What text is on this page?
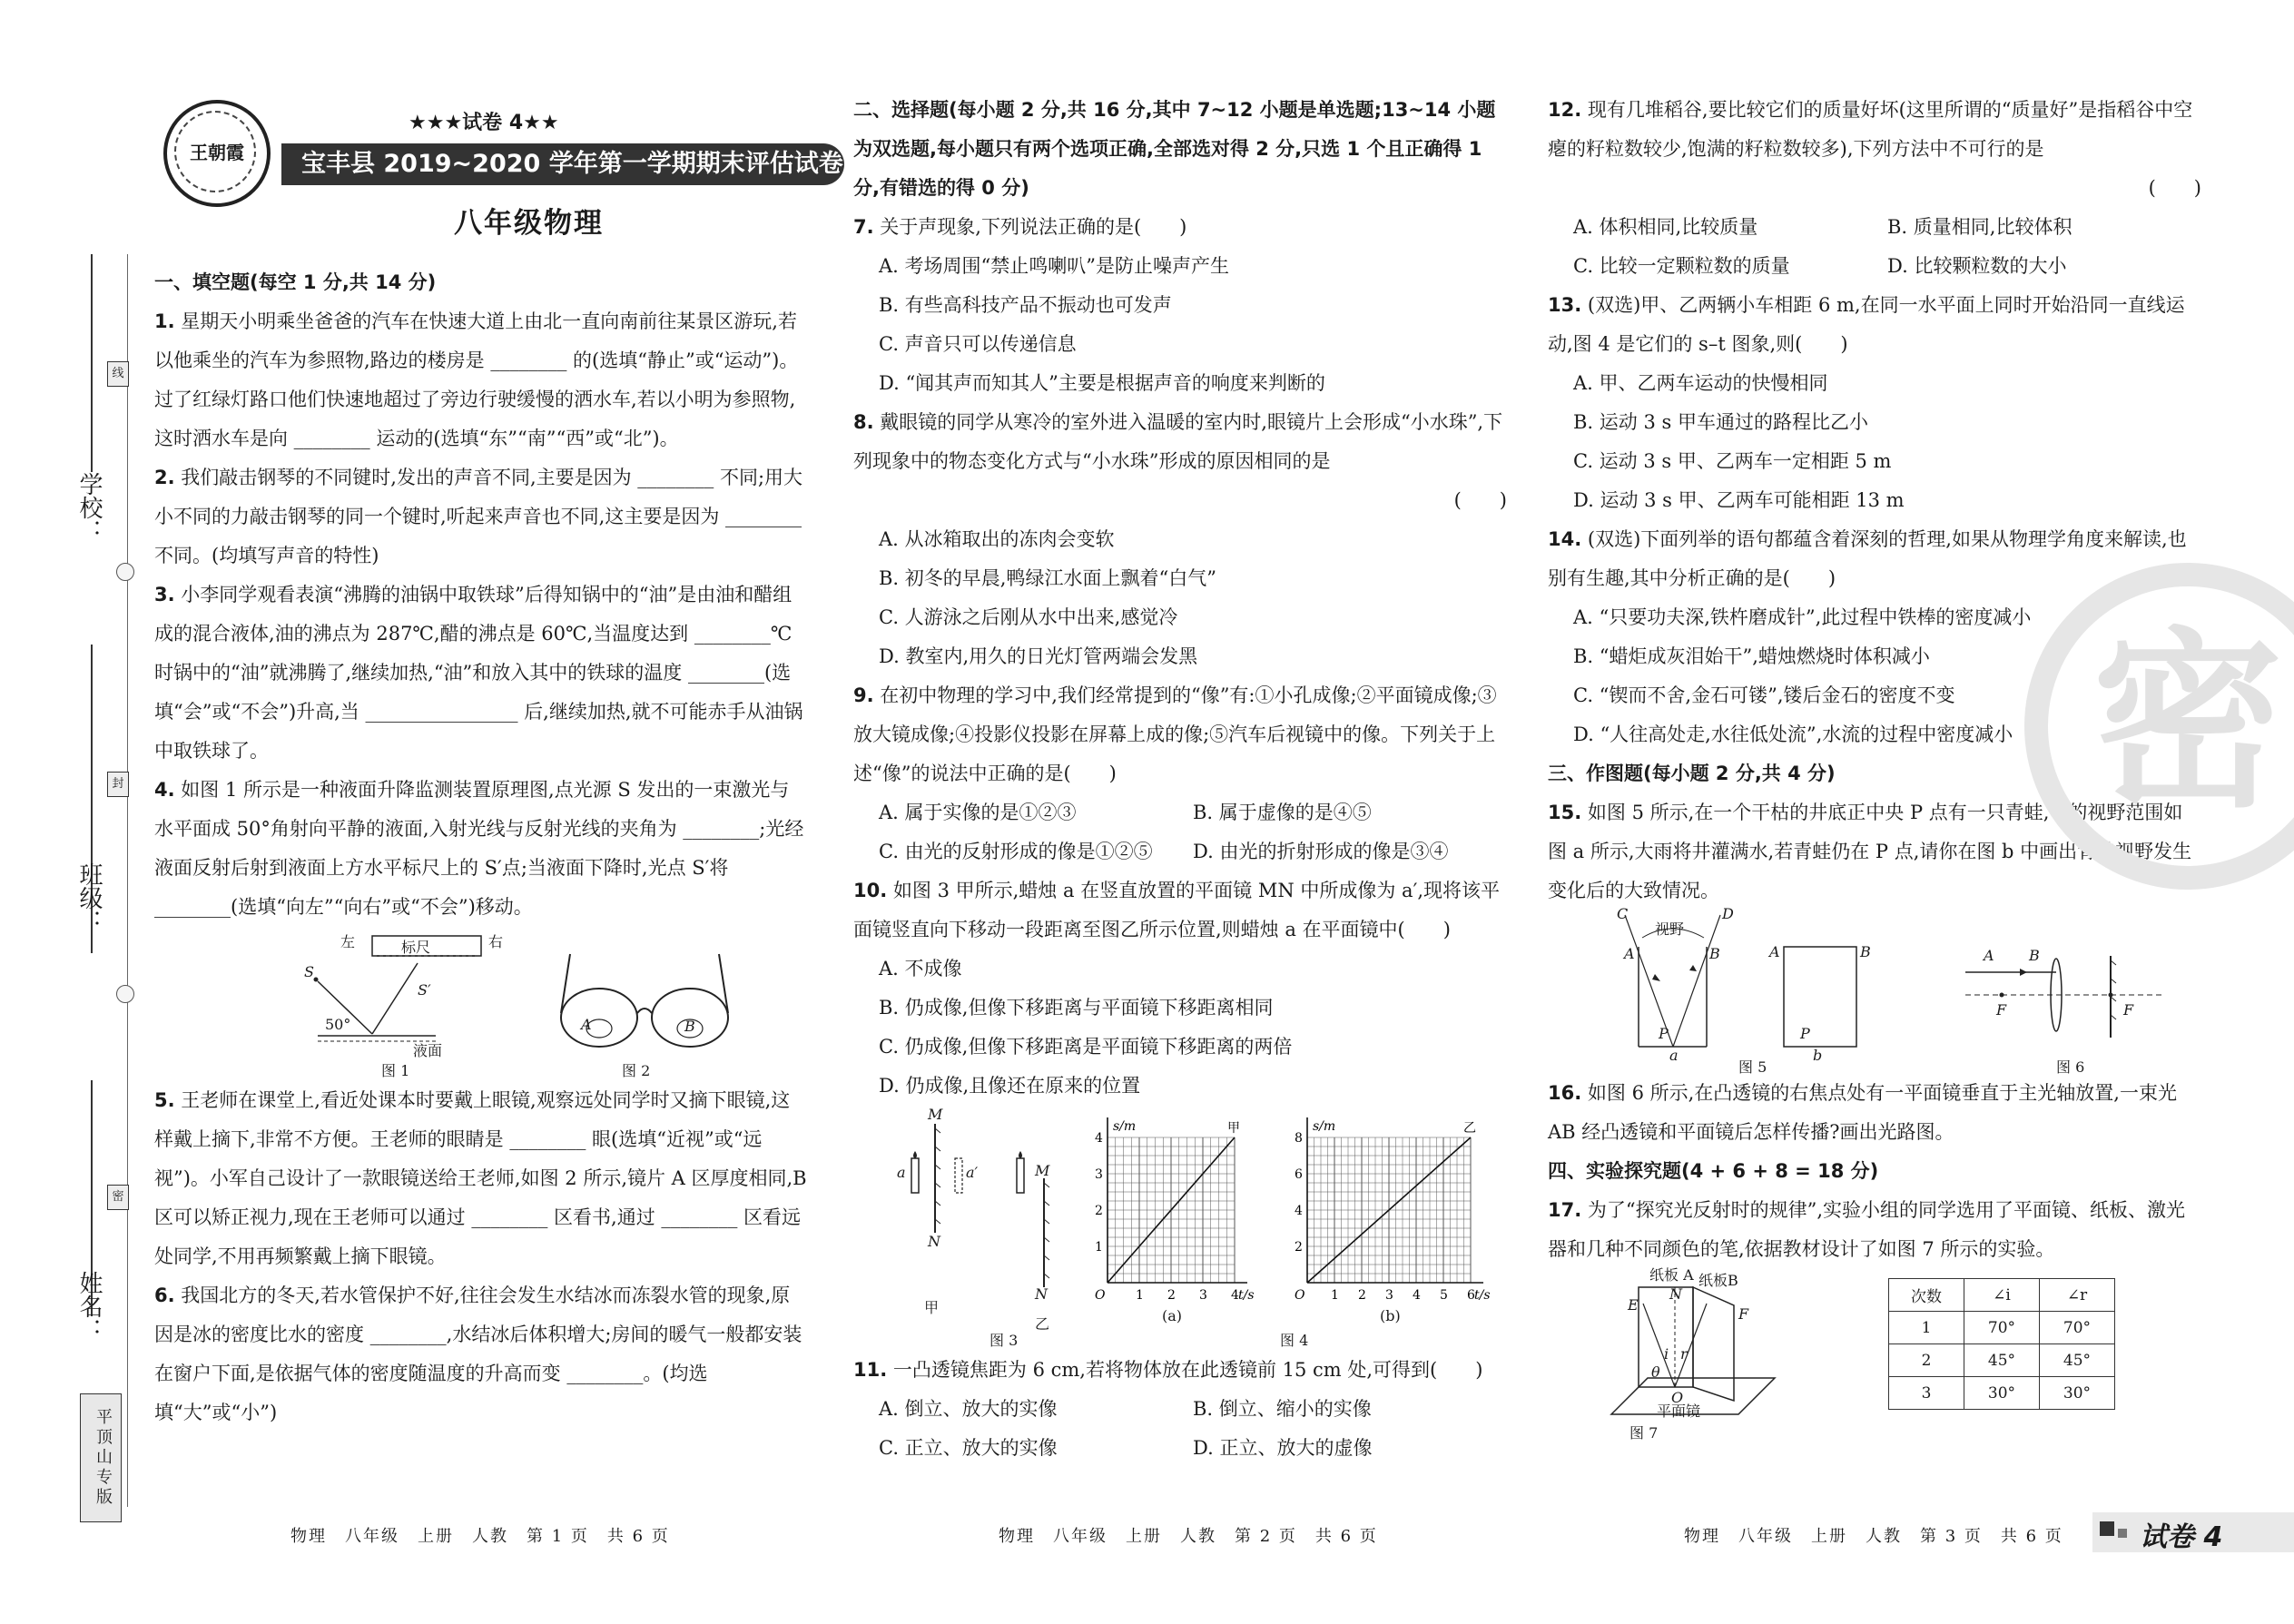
学校：
班级：
姓名：
线
封
密
平顶山专版
王朝霞
★★★试卷 4★★
宝丰县 2019~2020 学年第一学期期末评估试卷
八年级物理

一、填空题(每空 1 分,共 14 分)

1. 星期天小明乘坐爸爸的汽车在快速大道上由北一直向南前往某景区游玩,若以他乘坐的汽车为参照物,路边的楼房是 ________ 的(选填“静止”或“运动”)。过了红绿灯路口他们快速地超过了旁边行驶缓慢的洒水车,若以小明为参照物,这时洒水车是向 ________ 运动的(选填“东”“南”“西”或“北”)。

2. 我们敲击钢琴的不同键时,发出的声音不同,主要是因为 ________ 不同;用大小不同的力敲击钢琴的同一个键时,听起来声音也不同,这主要是因为 ________ 不同。(均填写声音的特性)

3. 小李同学观看表演“沸腾的油锅中取铁球”后得知锅中的“油”是由油和醋组成的混合液体,油的沸点为 287℃,醋的沸点是 60℃,当温度达到 ________℃时锅中的“油”就沸腾了,继续加热,“油”和放入其中的铁球的温度 ________(选填“会”或“不会”)升高,当 ________________ 后,继续加热,就不可能赤手从油锅中取铁球了。

4. 如图 1 所示是一种液面升降监测装置原理图,点光源 S 发出的一束激光与水平面成 50°角射向平静的液面,入射光线与反射光线的夹角为 ________;光经液面反射后射到液面上方水平标尺上的 S′点;当液面下降时,光点 S′将 ________(选填“向左”“向右”或“不会”)移动。

左	标尺	右
S
S′
50°
液面
图 1
A	B
图 2

5. 王老师在课堂上,看近处课本时要戴上眼镜,观察远处同学时又摘下眼镜,这样戴上摘下,非常不方便。王老师的眼睛是 ________ 眼(选填“近视”或“远视”)。小军自己设计了一款眼镜送给王老师,如图 2 所示,镜片 A 区厚度相同,B 区可以矫正视力,现在王老师可以通过 ________ 区看书,通过 ________ 区看远处同学,不用再频繁戴上摘下眼镜。

6. 我国北方的冬天,若水管保护不好,往往会发生水结冰而冻裂水管的现象,原因是冰的密度比水的密度 ________,水结冰后体积增大;房间的暖气一般都安装在窗户下面,是依据气体的密度随温度的升高而变 ________。(均选填“大”或“小”)

物理　八年级　上册　人教　第 1 页　共 6 页

二、选择题(每小题 2 分,共 16 分,其中 7~12 小题是单选题;13~14 小题为双选题,每小题只有两个选项正确,全部选对得 2 分,只选 1 个且正确得 1 分,有错选的得 0 分)

7. 关于声现象,下列说法正确的是(　　)

A. 考场周围“禁止鸣喇叭”是防止噪声产生

B. 有些高科技产品不振动也可发声

C. 声音只可以传递信息

D. “闻其声而知其人”主要是根据声音的响度来判断的

8. 戴眼镜的同学从寒冷的室外进入温暖的室内时,眼镜片上会形成“小水珠”,下列现象中的物态变化方式与“小水珠”形成的原因相同的是

(　　)

A. 从冰箱取出的冻肉会变软

B. 初冬的早晨,鸭绿江水面上飘着“白气”

C. 人游泳之后刚从水中出来,感觉冷

D. 教室内,用久的日光灯管两端会发黑

9. 在初中物理的学习中,我们经常提到的“像”有:①小孔成像;②平面镜成像;③放大镜成像;④投影仪投影在屏幕上成的像;⑤汽车后视镜中的像。下列关于上述“像”的说法中正确的是(　　)

A. 属于实像的是①②③	B. 属于虚像的是④⑤
C. 由光的反射形成的像是①②⑤	D. 由光的折射形成的像是③④

10. 如图 3 甲所示,蜡烛 a 在竖直放置的平面镜 MN 中所成像为 a′,现将该平面镜竖直向下移动一段距离至图乙所示位置,则蜡烛 a 在平面镜中(　　)

A. 不成像

B. 仍成像,但像下移距离与平面镜下移距离相同

C. 仍成像,但像下移距离是平面镜下移距离的两倍

D. 仍成像,且像还在原来的位置

M
N
a	a′	M
N
甲
乙
图 3
1 2 3 4
1
2
3
4
O
s/m
t/s
甲
1 2 3 4 5 6
2
4
6
8
O
s/m
t/s
乙
(a)	(b)
图 4

11. 一凸透镜焦距为 6 cm,若将物体放在此透镜前 15 cm 处,可得到(　　)

A. 倒立、放大的实像	B. 倒立、缩小的实像
C. 正立、放大的实像	D. 正立、放大的虚像
物理　八年级　上册　人教　第 2 页　共 6 页

12. 现有几堆稻谷,要比较它们的质量好坏(这里所谓的“质量好”是指稻谷中空瘪的籽粒数较少,饱满的籽粒数较多),下列方法中不可行的是

(　　)

A. 体积相同,比较质量	B. 质量相同,比较体积
C. 比较一定颗粒数的质量	D. 比较颗粒数的大小

13. (双选)甲、乙两辆小车相距 6 m,在同一水平面上同时开始沿同一直线运动,图 4 是它们的 s–t 图象,则(　　)

A. 甲、乙两车运动的快慢相同

B. 运动 3 s 甲车通过的路程比乙小

C. 运动 3 s 甲、乙两车一定相距 5 m

D. 运动 3 s 甲、乙两车可能相距 13 m

14. (双选)下面列举的语句都蕴含着深刻的哲理,如果从物理学角度来解读,也别有生趣,其中分析正确的是(　　)

A. “只要功夫深,铁杵磨成针”,此过程中铁棒的密度减小

B. “蜡炬成灰泪始干”,蜡烛燃烧时体积减小

C. “锲而不舍,金石可镂”,镂后金石的密度不变

D. “人往高处走,水往低处流”,水流的过程中密度减小

三、作图题(每小题 2 分,共 4 分)

15. 如图 5 所示,在一个干枯的井底正中央 P 点有一只青蛙,它的视野范围如图 a 所示,大雨将井灌满水,若青蛙仍在 P 点,请你在图 b 中画出青蛙视野发生变化后的大致情况。

C	D
视野
A	B
P
a
A	B
P
b
图 5
A B
F	F
图 6

16. 如图 6 所示,在凸透镜的右焦点处有一平面镜垂直于主光轴放置,一束光 AB 经凸透镜和平面镜后怎样传播?画出光路图。

四、实验探究题(4 + 6 + 8 = 18 分)

17. 为了“探究光反射时的规律”,实验小组的同学选用了平面镜、纸板、激光器和几种不同颜色的笔,依据教材设计了如图 7 所示的实验。

纸板 A 纸板B
E
F
N
O
θ
i r
平面镜
图 7
次数	∠i	∠r
1	70°	70°
2	45°	45°
3	30°	30°
物理　八年级　上册　人教　第 3 页　共 6 页
密
试卷 4
